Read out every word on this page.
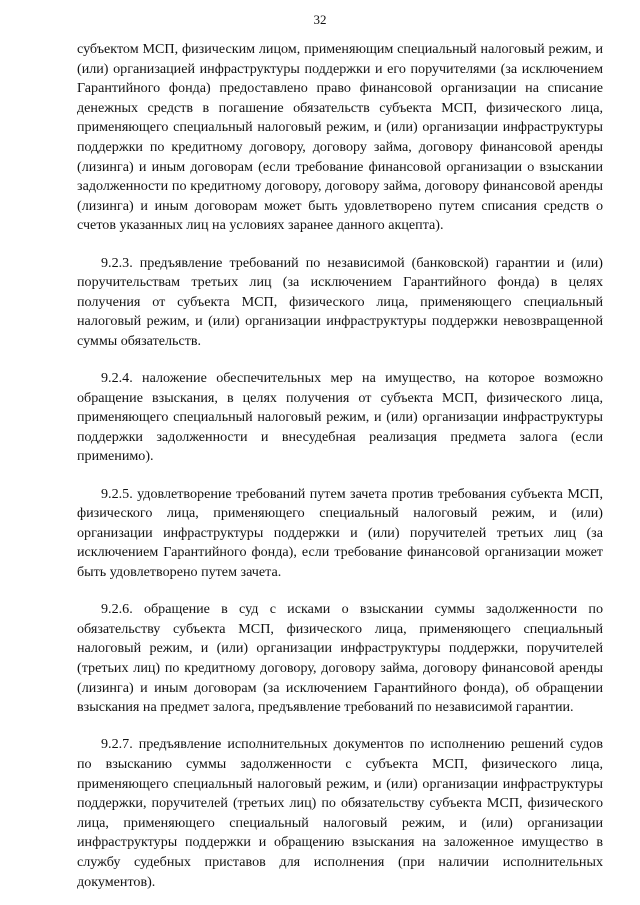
32

субъектом МСП, физическим лицом, применяющим специальный налоговый режим, и (или) организацией инфраструктуры поддержки и его поручителями (за исключением Гарантийного фонда) предоставлено право финансовой организации на списание денежных средств в погашение обязательств субъекта МСП, физического лица, применяющего специальный налоговый режим, и (или) организации инфраструктуры поддержки по кредитному договору, договору займа, договору финансовой аренды (лизинга) и иным договорам (если требование финансовой организации о взыскании задолженности по кредитному договору, договору займа, договору финансовой аренды (лизинга) и иным договорам может быть удовлетворено путем списания средств о счетов указанных лиц на условиях заранее данного акцепта).

9.2.3. предъявление требований по независимой (банковской) гарантии и (или) поручительствам третьих лиц (за исключением Гарантийного фонда) в целях получения от субъекта МСП, физического лица, применяющего специальный налоговый режим, и (или) организации инфраструктуры поддержки невозвращенной суммы обязательств.

9.2.4. наложение обеспечительных мер на имущество, на которое возможно обращение взыскания, в целях получения от субъекта МСП, физического лица, применяющего специальный налоговый режим, и (или) организации инфраструктуры поддержки задолженности и внесудебная реализация предмета залога (если применимо).

9.2.5. удовлетворение требований путем зачета против требования субъекта МСП, физического лица, применяющего специальный налоговый режим, и (или) организации инфраструктуры поддержки и (или) поручителей третьих лиц (за исключением Гарантийного фонда), если требование финансовой организации может быть удовлетворено путем зачета.

9.2.6. обращение в суд с исками о взыскании суммы задолженности по обязательству субъекта МСП, физического лица, применяющего специальный налоговый режим, и (или) организации инфраструктуры поддержки, поручителей (третьих лиц) по кредитному договору, договору займа, договору финансовой аренды (лизинга) и иным договорам (за исключением Гарантийного фонда), об обращении взыскания на предмет залога, предъявление требований по независимой гарантии.

9.2.7. предъявление исполнительных документов по исполнению решений судов по взысканию суммы задолженности с субъекта МСП, физического лица, применяющего специальный налоговый режим, и (или) организации инфраструктуры поддержки, поручителей (третьих лиц) по обязательству субъекта МСП, физического лица, применяющего специальный налоговый режим, и (или) организации инфраструктуры поддержки и обращению взыскания на заложенное имущество в службу судебных приставов для исполнения (при наличии исполнительных документов).
